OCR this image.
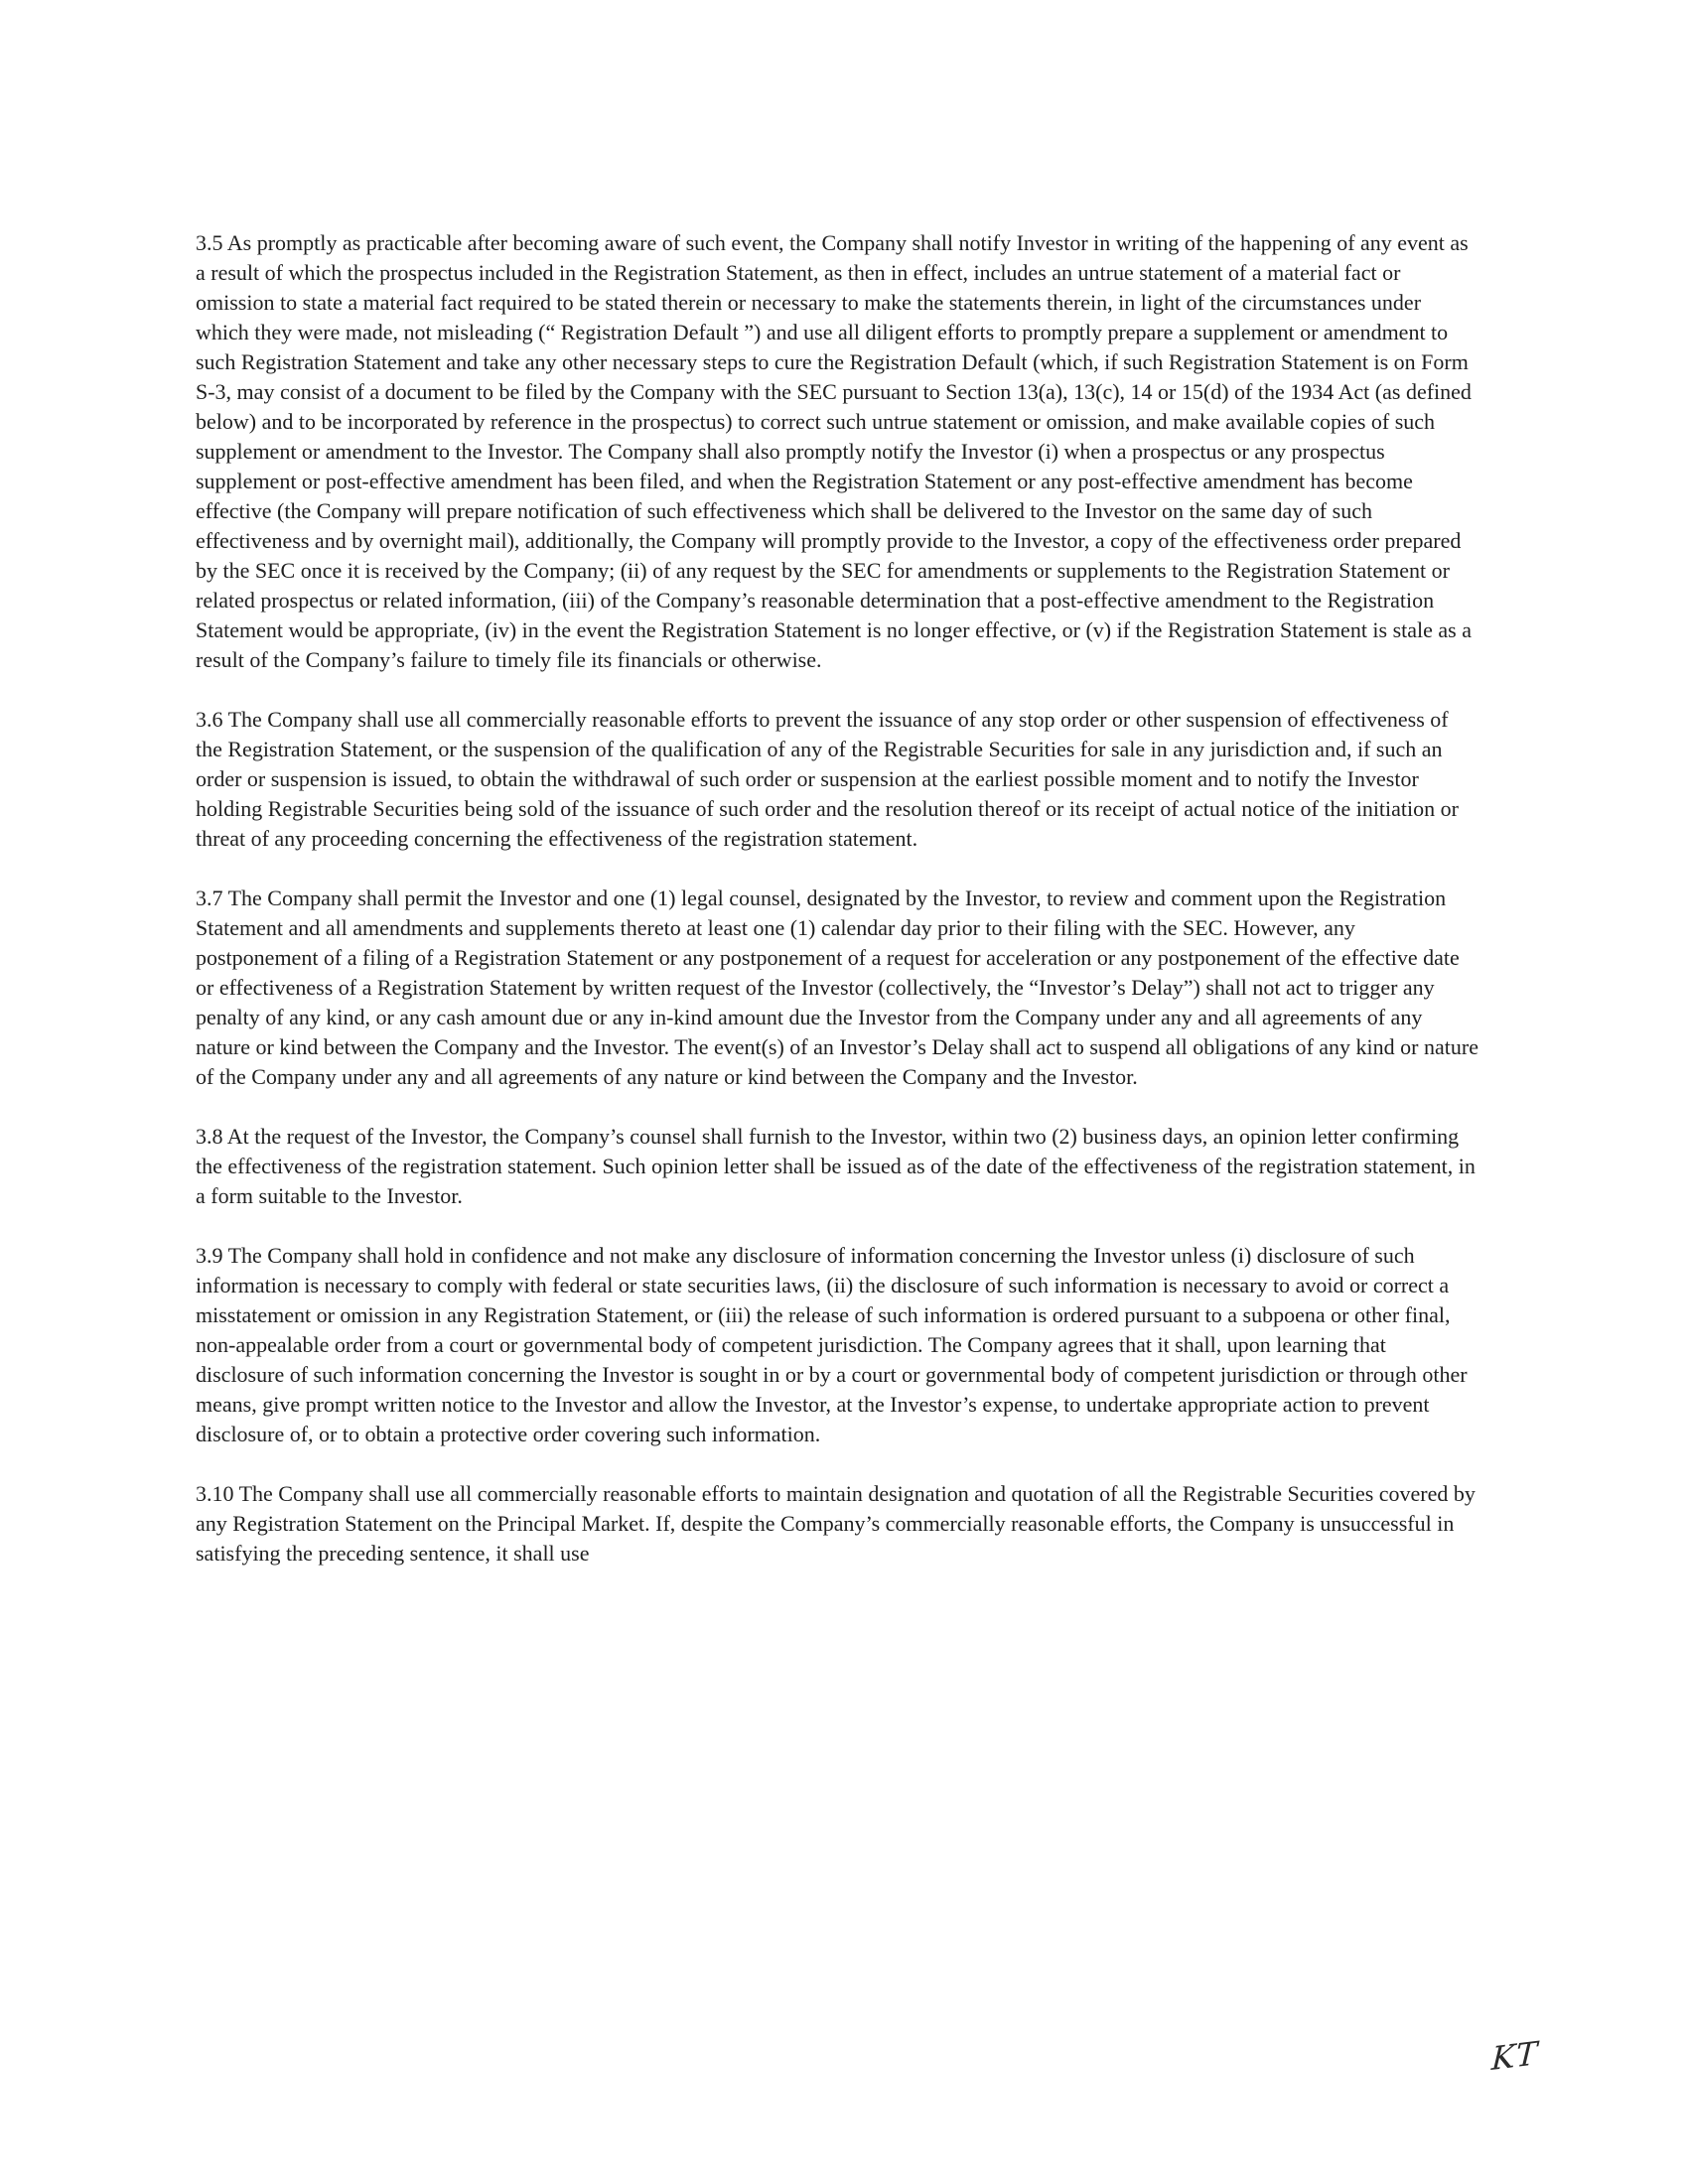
3.5 As promptly as practicable after becoming aware of such event, the Company shall notify Investor in writing of the happening of any event as a result of which the prospectus included in the Registration Statement, as then in effect, includes an untrue statement of a material fact or omission to state a material fact required to be stated therein or necessary to make the statements therein, in light of the circumstances under which they were made, not misleading (“ Registration Default ”) and use all diligent efforts to promptly prepare a supplement or amendment to such Registration Statement and take any other necessary steps to cure the Registration Default (which, if such Registration Statement is on Form S-3, may consist of a document to be filed by the Company with the SEC pursuant to Section 13(a), 13(c), 14 or 15(d) of the 1934 Act (as defined below) and to be incorporated by reference in the prospectus) to correct such untrue statement or omission, and make available copies of such supplement or amendment to the Investor. The Company shall also promptly notify the Investor (i) when a prospectus or any prospectus supplement or post-effective amendment has been filed, and when the Registration Statement or any post-effective amendment has become effective (the Company will prepare notification of such effectiveness which shall be delivered to the Investor on the same day of such effectiveness and by overnight mail), additionally, the Company will promptly provide to the Investor, a copy of the effectiveness order prepared by the SEC once it is received by the Company; (ii) of any request by the SEC for amendments or supplements to the Registration Statement or related prospectus or related information, (iii) of the Company’s reasonable determination that a post-effective amendment to the Registration Statement would be appropriate, (iv) in the event the Registration Statement is no longer effective, or (v) if the Registration Statement is stale as a result of the Company’s failure to timely file its financials or otherwise.

3.6 The Company shall use all commercially reasonable efforts to prevent the issuance of any stop order or other suspension of effectiveness of the Registration Statement, or the suspension of the qualification of any of the Registrable Securities for sale in any jurisdiction and, if such an order or suspension is issued, to obtain the withdrawal of such order or suspension at the earliest possible moment and to notify the Investor holding Registrable Securities being sold of the issuance of such order and the resolution thereof or its receipt of actual notice of the initiation or threat of any proceeding concerning the effectiveness of the registration statement.

3.7 The Company shall permit the Investor and one (1) legal counsel, designated by the Investor, to review and comment upon the Registration Statement and all amendments and supplements thereto at least one (1) calendar day prior to their filing with the SEC. However, any postponement of a filing of a Registration Statement or any postponement of a request for acceleration or any postponement of the effective date or effectiveness of a Registration Statement by written request of the Investor (collectively, the “Investor’s Delay”) shall not act to trigger any penalty of any kind, or any cash amount due or any in-kind amount due the Investor from the Company under any and all agreements of any nature or kind between the Company and the Investor. The event(s) of an Investor’s Delay shall act to suspend all obligations of any kind or nature of the Company under any and all agreements of any nature or kind between the Company and the Investor.

3.8 At the request of the Investor, the Company’s counsel shall furnish to the Investor, within two (2) business days, an opinion letter confirming the effectiveness of the registration statement. Such opinion letter shall be issued as of the date of the effectiveness of the registration statement, in a form suitable to the Investor.

3.9 The Company shall hold in confidence and not make any disclosure of information concerning the Investor unless (i) disclosure of such information is necessary to comply with federal or state securities laws, (ii) the disclosure of such information is necessary to avoid or correct a misstatement or omission in any Registration Statement, or (iii) the release of such information is ordered pursuant to a subpoena or other final, non-appealable order from a court or governmental body of competent jurisdiction. The Company agrees that it shall, upon learning that disclosure of such information concerning the Investor is sought in or by a court or governmental body of competent jurisdiction or through other means, give prompt written notice to the Investor and allow the Investor, at the Investor’s expense, to undertake appropriate action to prevent disclosure of, or to obtain a protective order covering such information.

3.10 The Company shall use all commercially reasonable efforts to maintain designation and quotation of all the Registrable Securities covered by any Registration Statement on the Principal Market. If, despite the Company’s commercially reasonable efforts, the Company is unsuccessful in satisfying the preceding sentence, it shall use

KT
